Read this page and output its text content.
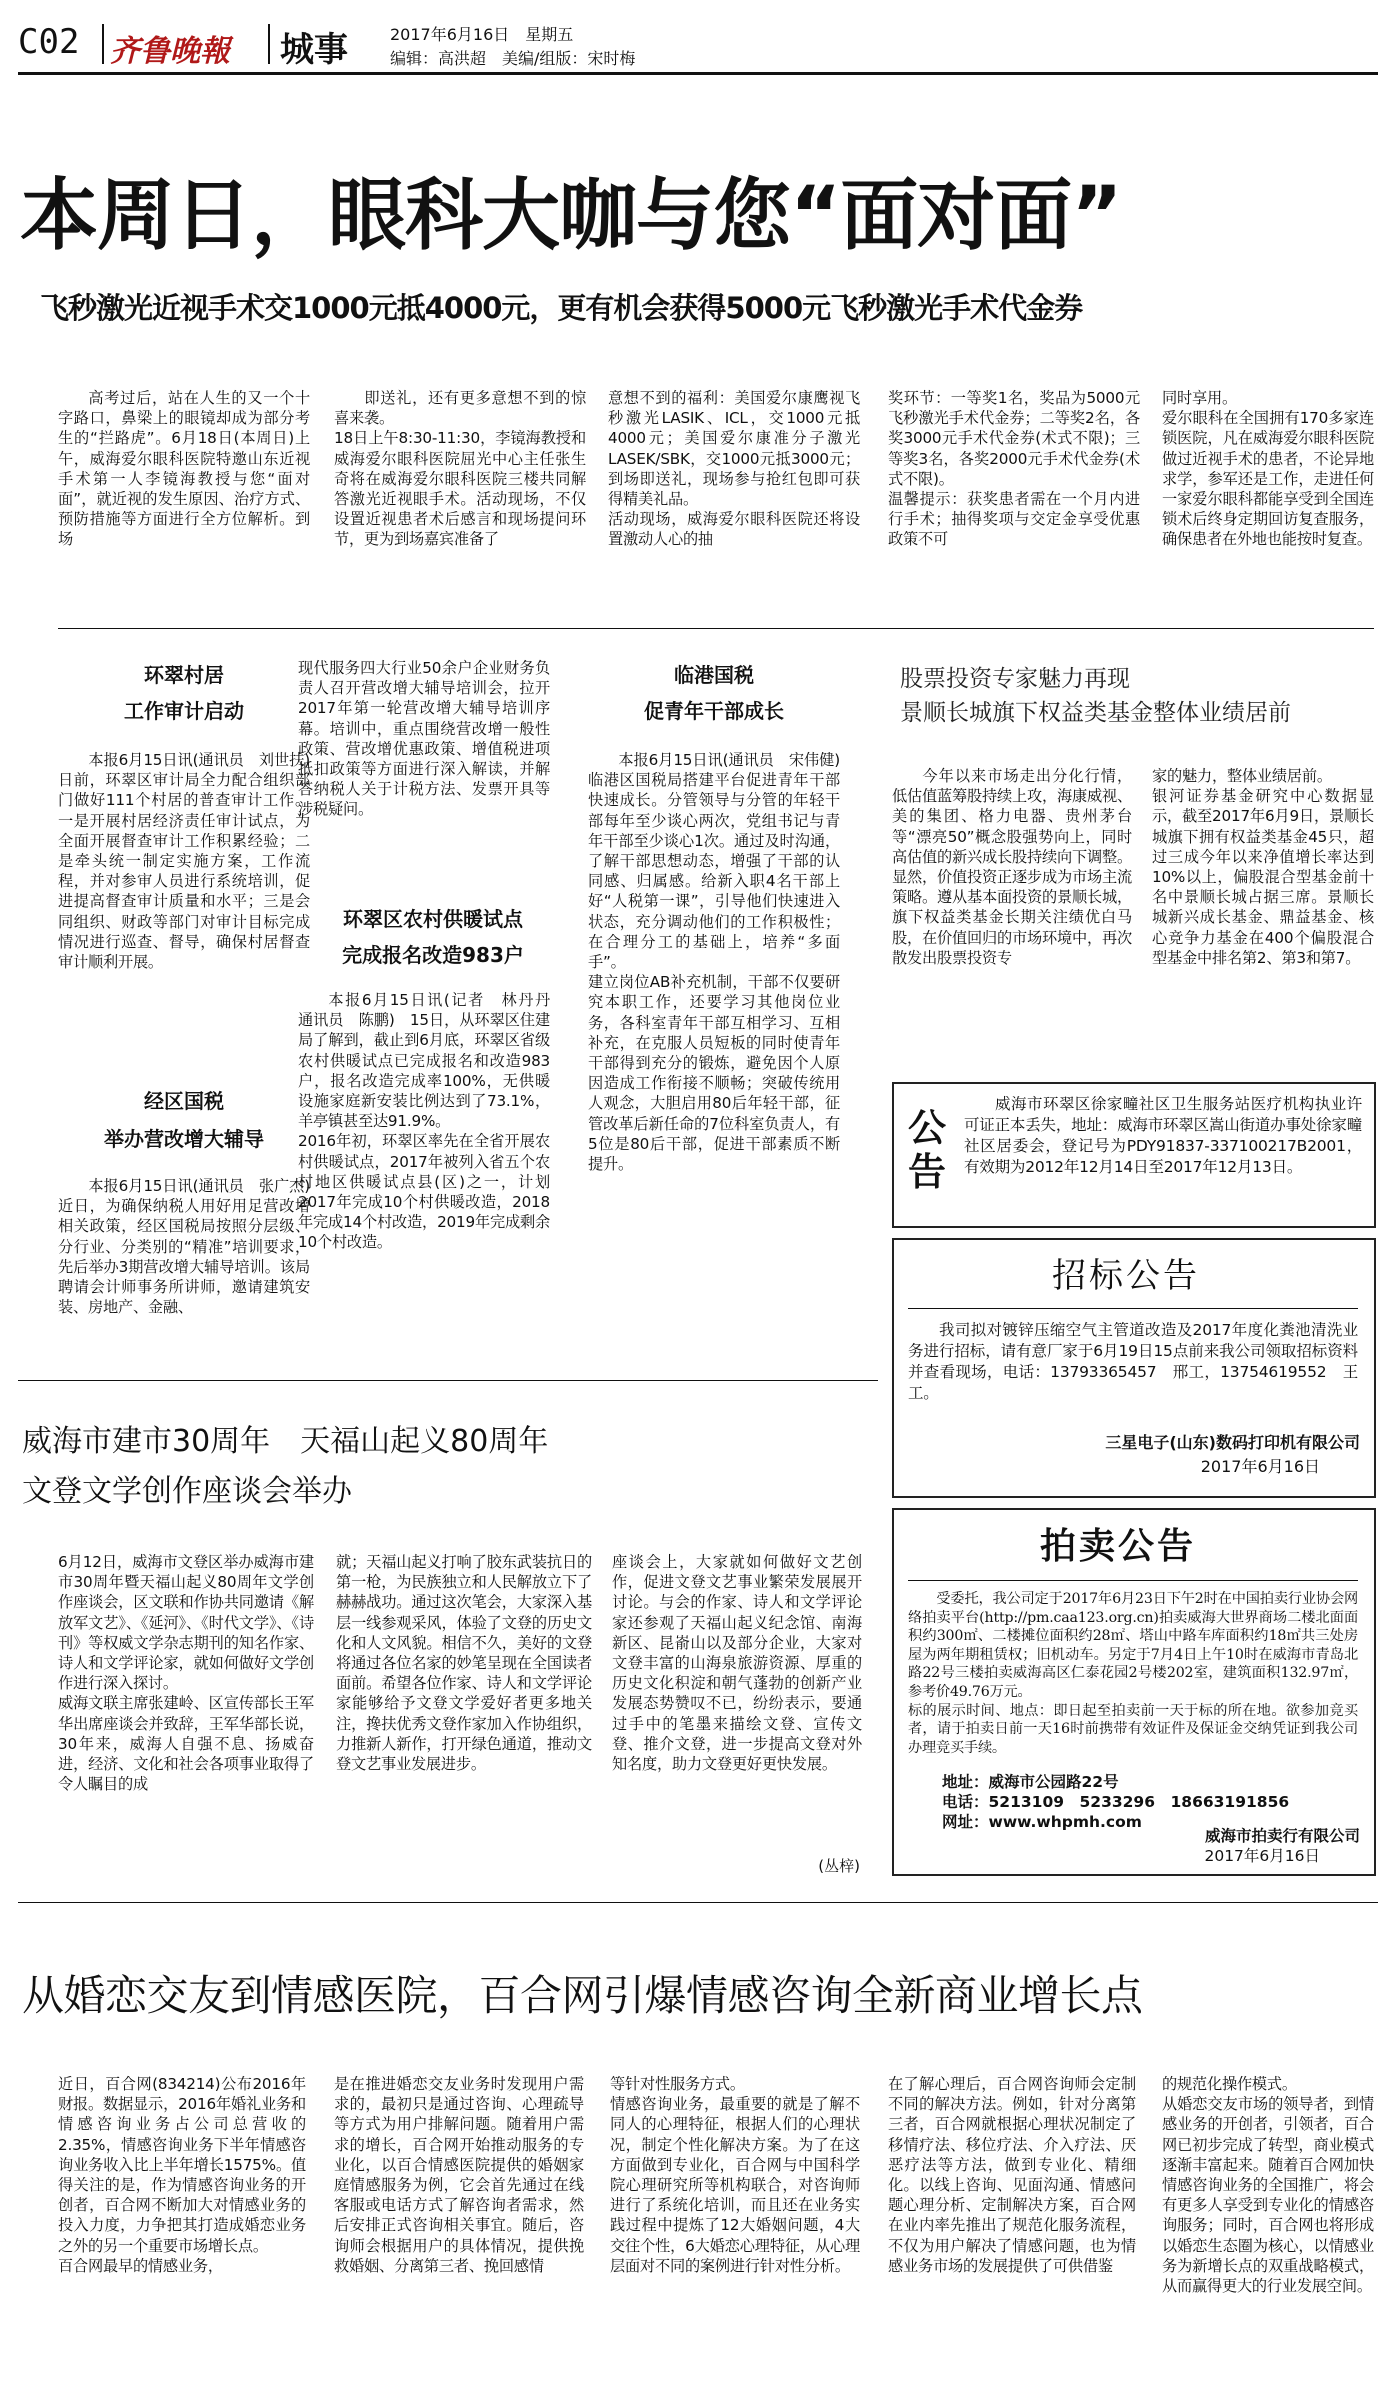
C02 齐鲁晚報 城事	2017年6月16日　星期五
编辑：高洪超　美编/组版：宋时梅
本周日，眼科大咖与您“面对面”
飞秒激光近视手术交1000元抵4000元，更有机会获得5000元飞秒激光手术代金券
高考过后，站在人生的又一个十字路口，鼻梁上的眼镜却成为部分考生的“拦路虎”。6月18日(本周日)上午，威海爱尔眼科医院特邀山东近视手术第一人李镜海教授与您“面对面”，就近视的发生原因、治疗方式、预防措施等方面进行全方位解析。到场
即送礼，还有更多意想不到的惊喜来袭。
18日上午8:30-11:30，李镜海教授和威海爱尔眼科医院屈光中心主任张生奇将在威海爱尔眼科医院三楼共同解答激光近视眼手术。活动现场，不仅设置近视患者术后感言和现场提问环节，更为到场嘉宾准备了
意想不到的福利：美国爱尔康鹰视飞秒激光LASIK、ICL，交1000元抵4000元；美国爱尔康准分子激光LASEK/SBK，交1000元抵3000元；到场即送礼，现场参与抢红包即可获得精美礼品。
活动现场，威海爱尔眼科医院还将设置激动人心的抽
奖环节：一等奖1名，奖品为5000元飞秒激光手术代金券；二等奖2名，各奖3000元手术代金券(术式不限)；三等奖3名，各奖2000元手术代金券(术式不限)。
温馨提示：获奖患者需在一个月内进行手术；抽得奖项与交定金享受优惠政策不可
同时享用。
爱尔眼科在全国拥有170多家连锁医院，凡在威海爱尔眼科医院做过近视手术的患者，不论异地求学，参军还是工作，走进任何一家爱尔眼科都能享受到全国连锁术后终身定期回访复查服务，确保患者在外地也能按时复查。
环翠村居
工作审计启动
本报6月15日讯(通讯员　刘世扶)　日前，环翠区审计局全力配合组织部门做好111个村居的普查审计工作。一是开展村居经济责任审计试点，为全面开展督查审计工作积累经验；二是牵头统一制定实施方案，工作流程，并对参审人员进行系统培训，促进提高督查审计质量和水平；三是会同组织、财政等部门对审计目标完成情况进行巡查、督导，确保村居督查审计顺利开展。
经区国税
举办营改增大辅导
本报6月15日讯(通讯员　张广杰)　近日，为确保纳税人用好用足营改增相关政策，经区国税局按照分层级、分行业、分类别的“精准”培训要求，先后举办3期营改增大辅导培训。该局聘请会计师事务所讲师，邀请建筑安装、房地产、金融、
现代服务四大行业50余户企业财务负责人召开营改增大辅导培训会，拉开2017年第一轮营改增大辅导培训序幕。培训中，重点围绕营改增一般性政策、营改增优惠政策、增值税进项抵扣政策等方面进行深入解读，并解答纳税人关于计税方法、发票开具等涉税疑问。
环翠区农村供暖试点
完成报名改造983户
本报6月15日讯(记者　林丹丹　通讯员　陈鹏)　15日，从环翠区住建局了解到，截止到6月底，环翠区省级农村供暖试点已完成报名和改造983户，报名改造完成率100%，无供暖设施家庭新安装比例达到了73.1%，羊亭镇甚至达91.9%。
2016年初，环翠区率先在全省开展农村供暖试点，2017年被列入省五个农村地区供暖试点县(区)之一，计划2017年完成10个村供暖改造，2018年完成14个村改造，2019年完成剩余10个村改造。
临港国税
促青年干部成长
本报6月15日讯(通讯员　宋伟健)　临港区国税局搭建平台促进青年干部快速成长。分管领导与分管的年轻干部每年至少谈心两次，党组书记与青年干部至少谈心1次。通过及时沟通，了解干部思想动态，增强了干部的认同感、归属感。给新入职4名干部上好“人税第一课”，引导他们快速进入状态，充分调动他们的工作积极性；在合理分工的基础上，培养“多面手”。
建立岗位AB补充机制，干部不仅要研究本职工作，还要学习其他岗位业务，各科室青年干部互相学习、互相补充，在克服人员短板的同时使青年干部得到充分的锻炼，避免因个人原因造成工作衔接不顺畅；突破传统用人观念，大胆启用80后年轻干部，征管改革后新任命的7位科室负责人，有5位是80后干部，促进干部素质不断提升。
股票投资专家魅力再现
景顺长城旗下权益类基金整体业绩居前
今年以来市场走出分化行情，低估值蓝筹股持续上攻，海康威视、美的集团、格力电器、贵州茅台等“漂亮50”概念股强势向上，同时高估值的新兴成长股持续向下调整。显然，价值投资正逐步成为市场主流策略。遵从基本面投资的景顺长城，旗下权益类基金长期关注绩优白马股，在价值回归的市场环境中，再次散发出股票投资专
家的魅力，整体业绩居前。
银河证券基金研究中心数据显示，截至2017年6月9日，景顺长城旗下拥有权益类基金45只，超过三成今年以来净值增长率达到10%以上，偏股混合型基金前十名中景顺长城占据三席。景顺长城新兴成长基金、鼎益基金、核心竞争力基金在400个偏股混合型基金中排名第2、第3和第7。
公告
威海市环翠区徐家疃社区卫生服务站医疗机构执业许可证正本丢失，地址：威海市环翠区嵩山街道办事处徐家疃社区居委会，登记号为PDY91837-337100217B2001，有效期为2012年12月14日至2017年12月13日。
招标公告
我司拟对镀锌压缩空气主管道改造及2017年度化粪池清洗业务进行招标，请有意厂家于6月19日15点前来我公司领取招标资料并查看现场，电话：13793365457　邢工，13754619552　王工。
三星电子(山东)数码打印机有限公司
2017年6月16日
拍卖公告
受委托，我公司定于2017年6月23日下午2时在中国拍卖行业协会网络拍卖平台(http://pm.caa123.org.cn)拍卖威海大世界商场二楼北面面积约300㎡、二楼摊位面积约28㎡、塔山中路车库面积约18㎡共三处房屋为两年期租赁权；旧机动车。另定于7月4日上午10时在威海市青岛北路22号三楼拍卖威海高区仁泰花园2号楼202室，建筑面积132.97㎡，参考价49.76万元。
标的展示时间、地点：即日起至拍卖前一天于标的所在地。欲参加竞买者，请于拍卖日前一天16时前携带有效证件及保证金交纳凭证到我公司办理竞买手续。
地址：威海市公园路22号
电话：5213109　5233296　18663191856
网址：www.whpmh.com
威海市拍卖行有限公司
2017年6月16日
威海市建市30周年　天福山起义80周年
文登文学创作座谈会举办
6月12日，威海市文登区举办威海市建市30周年暨天福山起义80周年文学创作座谈会，区文联和作协共同邀请《解放军文艺》、《延河》、《时代文学》、《诗刊》等权威文学杂志期刊的知名作家、诗人和文学评论家，就如何做好文学创作进行深入探讨。
威海文联主席张建岭、区宣传部长王军华出席座谈会并致辞，王军华部长说，30年来，威海人自强不息、扬威奋进，经济、文化和社会各项事业取得了令人瞩目的成
就；天福山起义打响了胶东武装抗日的第一枪，为民族独立和人民解放立下了赫赫战功。通过这次笔会，大家深入基层一线参观采风，体验了文登的历史文化和人文风貌。相信不久，美好的文登将通过各位名家的妙笔呈现在全国读者面前。希望各位作家、诗人和文学评论家能够给予文登文学爱好者更多地关注，搀扶优秀文登作家加入作协组织，力推新人新作，打开绿色通道，推动文登文艺事业发展进步。
座谈会上，大家就如何做好文艺创作，促进文登文艺事业繁荣发展展开讨论。与会的作家、诗人和文学评论家还参观了天福山起义纪念馆、南海新区、昆嵛山以及部分企业，大家对文登丰富的山海泉旅游资源、厚重的历史文化积淀和朝气蓬勃的创新产业发展态势赞叹不已，纷纷表示，要通过手中的笔墨来描绘文登、宣传文登、推介文登，进一步提高文登对外知名度，助力文登更好更快发展。
(丛梓)
从婚恋交友到情感医院，百合网引爆情感咨询全新商业增长点
近日，百合网(834214)公布2016年财报。数据显示，2016年婚礼业务和情感咨询业务占公司总营收的2.35%，情感咨询业务下半年情感咨询业务收入比上半年增长1575%。值得关注的是，作为情感咨询业务的开创者，百合网不断加大对情感业务的投入力度，力争把其打造成婚恋业务之外的另一个重要市场增长点。
百合网最早的情感业务，
是在推进婚恋交友业务时发现用户需求的，最初只是通过咨询、心理疏导等方式为用户排解问题。随着用户需求的增长，百合网开始推动服务的专业化，以百合情感医院提供的婚姻家庭情感服务为例，它会首先通过在线客服或电话方式了解咨询者需求，然后安排正式咨询相关事宜。随后，咨询师会根据用户的具体情况，提供挽救婚姻、分离第三者、挽回感情
等针对性服务方式。
情感咨询业务，最重要的就是了解不同人的心理特征，根据人们的心理状况，制定个性化解决方案。为了在这方面做到专业化，百合网与中国科学院心理研究所等机构联合，对咨询师进行了系统化培训，而且还在业务实践过程中提炼了12大婚姻问题，4大交往个性，6大婚恋心理特征，从心理层面对不同的案例进行针对性分析。
在了解心理后，百合网咨询师会定制不同的解决方法。例如，针对分离第三者，百合网就根据心理状况制定了移情疗法、移位疗法、介入疗法、厌恶疗法等方法，做到专业化、精细化。以线上咨询、见面沟通、情感问题心理分析、定制解决方案，百合网在业内率先推出了规范化服务流程，不仅为用户解决了情感问题，也为情感业务市场的发展提供了可供借鉴
的规范化操作模式。
从婚恋交友市场的领导者，到情感业务的开创者，引领者，百合网已初步完成了转型，商业模式逐渐丰富起来。随着百合网加快情感咨询业务的全国推广，将会有更多人享受到专业化的情感咨询服务；同时，百合网也将形成以婚恋生态圈为核心，以情感业务为新增长点的双重战略模式，从而赢得更大的行业发展空间。
